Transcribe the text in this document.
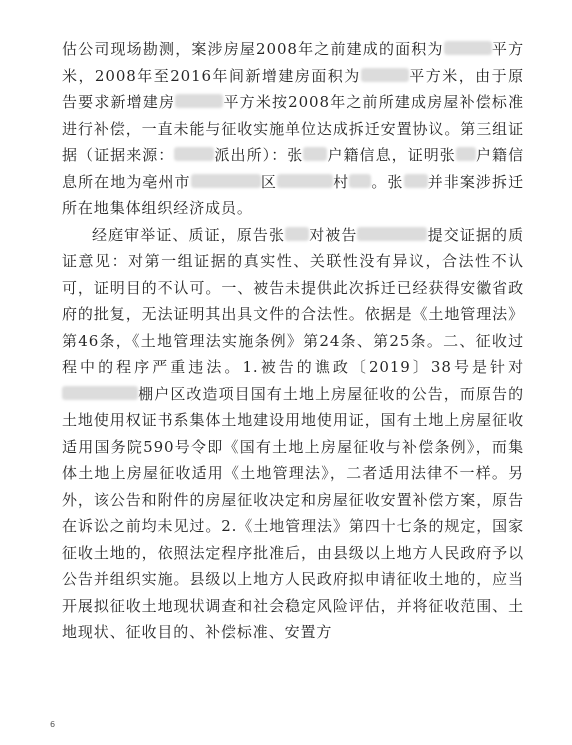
估公司现场勘测，案涉房屋2008年之前建成的面积为	平方米，2008年至2016年间新增建房面积为	平方米，由于原告要求新增建房	平方米按2008年之前所建成房屋补偿标准进行补偿，一直未能与征收实施单位达成拆迁安置协议。第三组证据（证据来源：	派出所）：张 户籍信息，证明张 户籍信息所在地为亳州市	区	村 。张 并非案涉拆迁所在地集体组织经济成员。

经庭审举证、质证，原告张 对被告	提交证据的质证意见：对第一组证据的真实性、关联性没有异议，合法性不认可，证明目的不认可。一、被告未提供此次拆迁已经获得安徽省政府的批复，无法证明其出具文件的合法性。依据是《土地管理法》第46条，《土地管理法实施条例》第24条、第25条。二、征收过程中的程序严重违法。1.被告的谯政〔2019〕38号是针对棚户区改造项目国有土地上房屋征收的公告，而原告的土地使用权证书系集体土地建设用地使用证，国有土地上房屋征收适用国务院590号令即《国有土地上房屋征收与补偿条例》，而集体土地上房屋征收适用《土地管理法》，二者适用法律不一样。另外，该公告和附件的房屋征收决定和房屋征收安置补偿方案，原告在诉讼之前均未见过。2.《土地管理法》第四十七条的规定，国家征收土地的，依照法定程序批准后，由县级以上地方人民政府予以公告并组织实施。县级以上地方人民政府拟申请征收土地的，应当开展拟征收土地现状调查和社会稳定风险评估，并将征收范围、土地现状、征收目的、补偿标准、安置方

6
